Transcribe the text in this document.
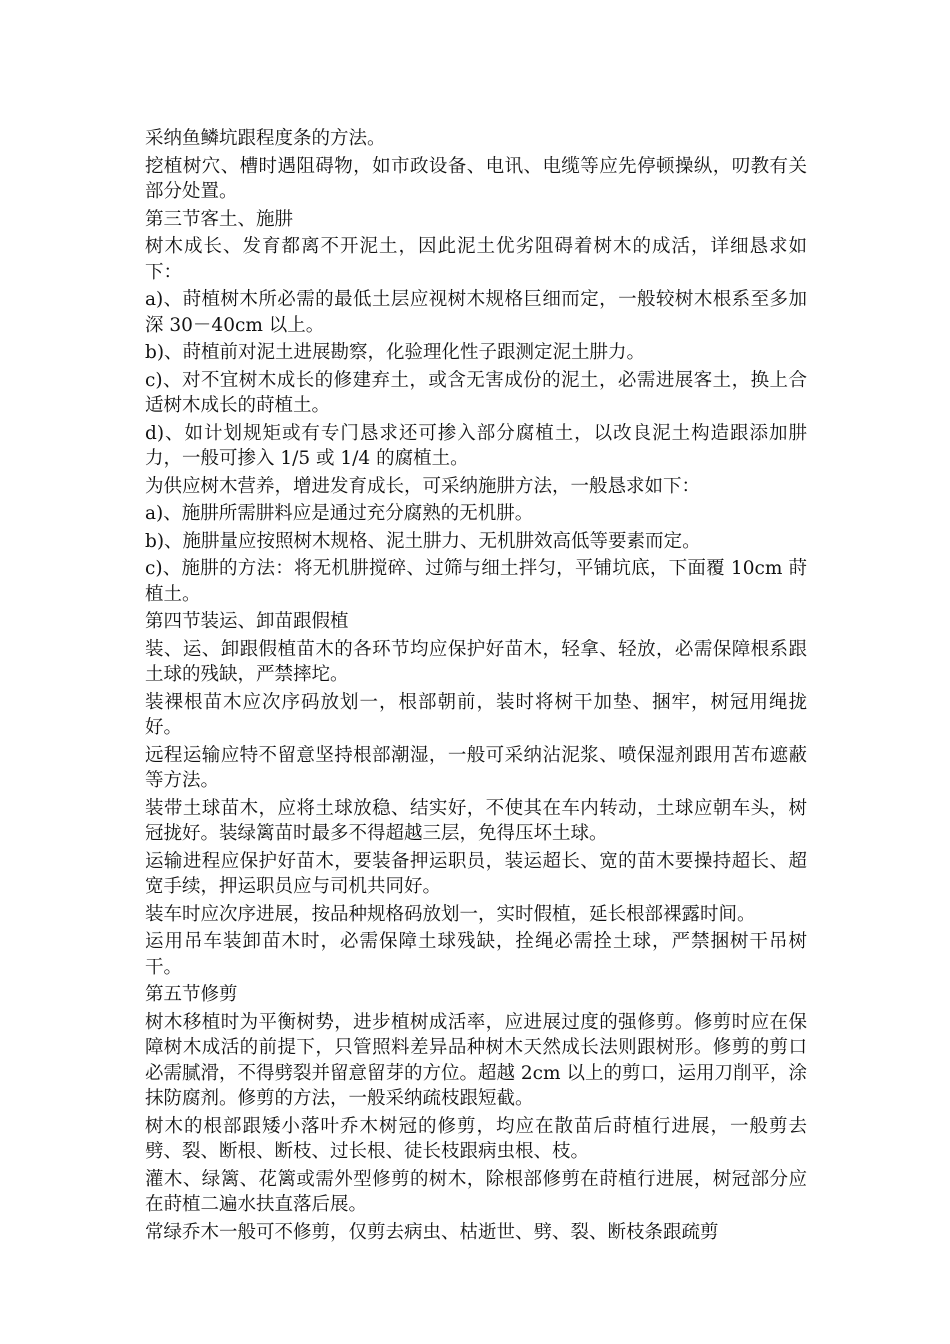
采纳鱼鳞坑跟程度条的方法。

挖植树穴、槽时遇阻碍物，如市政设备、电讯、电缆等应先停顿操纵，叨教有关部分处置。

第三节客土、施肼

树木成长、发育都离不开泥土，因此泥土优劣阻碍着树木的成活，详细恳求如下：

a)、莳植树木所必需的最低土层应视树木规格巨细而定，一般较树木根系至多加深 30－40cm 以上。

b)、莳植前对泥土进展勘察，化验理化性子跟测定泥土肼力。

c)、对不宜树木成长的修建弃土，或含无害成份的泥土，必需进展客土，换上合适树木成长的莳植土。

d)、如计划规矩或有专门恳求还可掺入部分腐植土，以改良泥土构造跟添加肼力，一般可掺入 1/5 或 1/4 的腐植土。

为供应树木营养，增进发育成长，可采纳施肼方法，一般恳求如下：

a)、施肼所需肼料应是通过充分腐熟的无机肼。

b)、施肼量应按照树木规格、泥土肼力、无机肼效高低等要素而定。

c)、施肼的方法：将无机肼搅碎、过筛与细土拌匀，平铺坑底，下面覆 10cm 莳植土。

第四节装运、卸苗跟假植

装、运、卸跟假植苗木的各环节均应保护好苗木，轻拿、轻放，必需保障根系跟土球的残缺，严禁摔坨。

装裸根苗木应次序码放划一，根部朝前，装时将树干加垫、捆牢，树冠用绳拢好。

远程运输应特不留意坚持根部潮湿，一般可采纳沾泥浆、喷保湿剂跟用苫布遮蔽等方法。

装带土球苗木，应将土球放稳、结实好，不使其在车内转动，土球应朝车头，树冠拢好。装绿篱苗时最多不得超越三层，免得压坏土球。

运输进程应保护好苗木，要装备押运职员，装运超长、宽的苗木要操持超长、超宽手续，押运职员应与司机共同好。

装车时应次序进展，按品种规格码放划一，实时假植，延长根部裸露时间。

运用吊车装卸苗木时，必需保障土球残缺，拴绳必需拴土球，严禁捆树干吊树干。

第五节修剪

树木移植时为平衡树势，进步植树成活率，应进展过度的强修剪。修剪时应在保障树木成活的前提下，只管照料差异品种树木天然成长法则跟树形。修剪的剪口必需腻滑，不得劈裂并留意留芽的方位。超越 2cm 以上的剪口，运用刀削平，涂抹防腐剂。修剪的方法，一般采纳疏枝跟短截。

树木的根部跟矮小落叶乔木树冠的修剪，均应在散苗后莳植行进展，一般剪去劈、裂、断根、断枝、过长根、徒长枝跟病虫根、枝。

灌木、绿篱、花篱或需外型修剪的树木，除根部修剪在莳植行进展，树冠部分应在莳植二遍水扶直落后展。

常绿乔木一般可不修剪，仅剪去病虫、枯逝世、劈、裂、断枝条跟疏剪
